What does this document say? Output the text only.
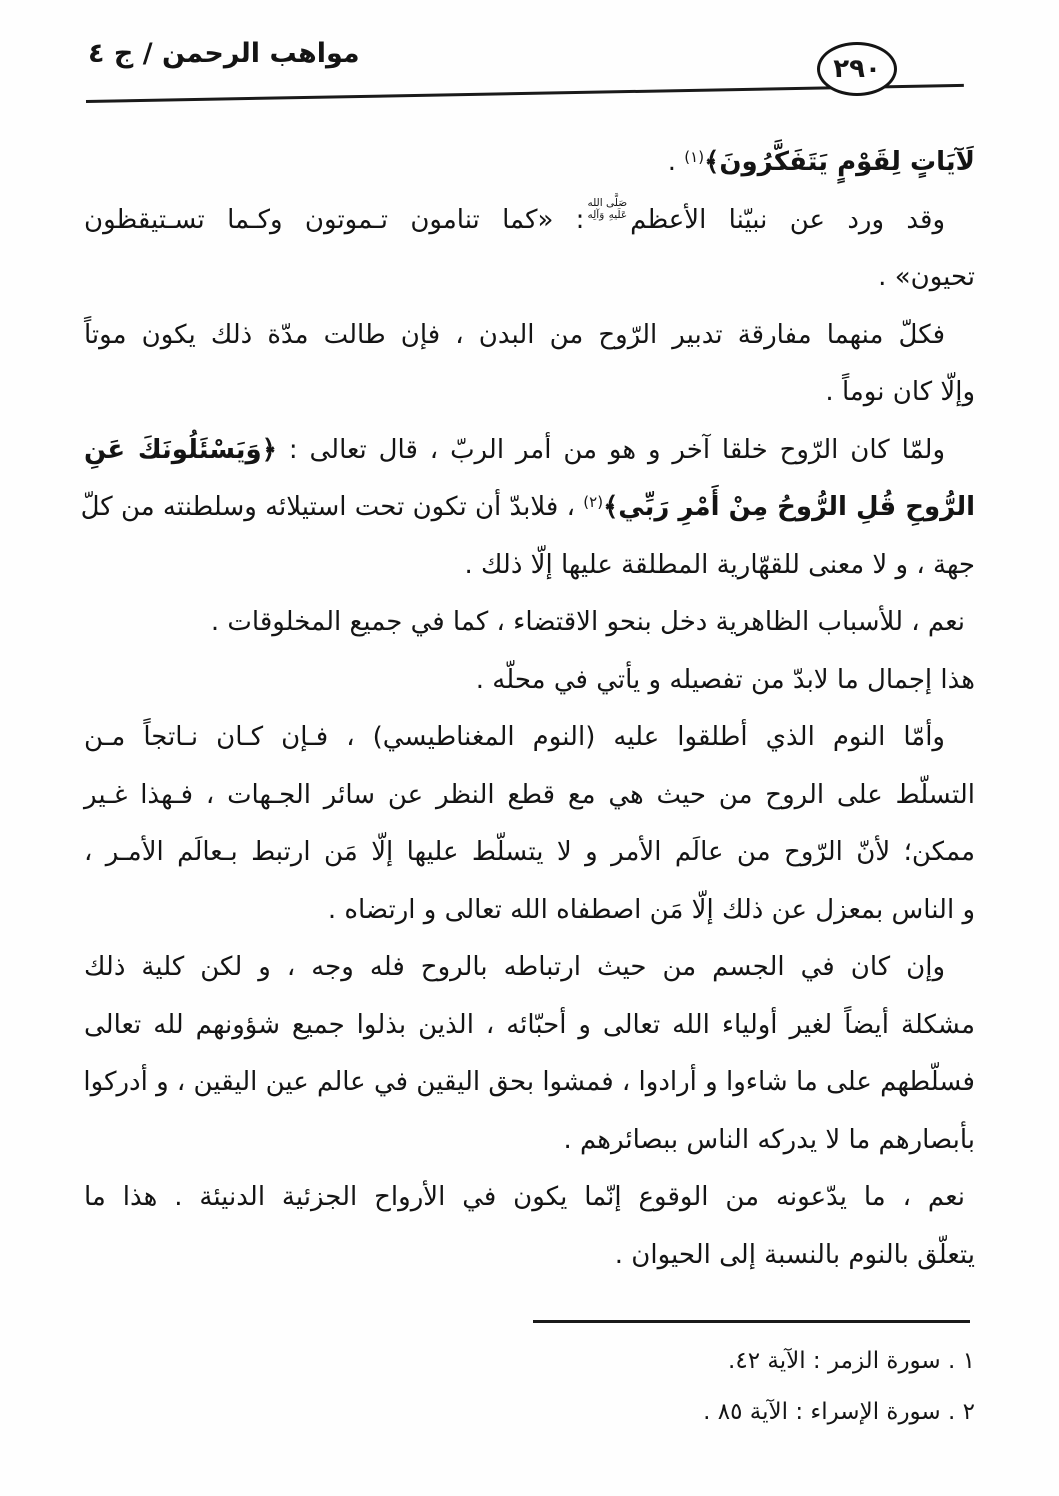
مواهب الرحمن / ج ٤	٢٩٠
لَآيَاتٍ لِقَوْمٍ يَتَفَكَّرُونَ﴾$^{(١)}$ .
وقد ورد عن نبيّنا الأعظم
صَلَّى الله
عَلَيهِ وَآلِه
: «كما تنامون تـموتون وكـما تسـتيقظون
تحيون» .
فكلّ منهما مفارقة تدبير الرّوح من البدن ، فإن طالت مدّة ذلك يكون موتاً
وإلّا كان نوماً .
ولمّا كان الرّوح خلقا آخر و هو من أمر الربّ ، قال تعالى : ﴿وَيَسْئَلُونَكَ عَنِ
الرُّوحِ قُلِ الرُّوحُ مِنْ أَمْرِ رَبِّي﴾$^{(٢)}$ ، فلابدّ أن تكون تحت استيلائه وسلطنته من كلّ
جهة ، و لا معنى للقهّارية المطلقة عليها إلّا ذلك .
نعم ، للأسباب الظاهرية دخل بنحو الاقتضاء ، كما في جميع المخلوقات .
هذا إجمال ما لابدّ من تفصيله و يأتي في محلّه .
وأمّا النوم الذي أطلقوا عليه (النوم المغناطيسي) ، فـإن كـان نـاتجاً مـن
التسلّط على الروح من حيث هي مع قطع النظر عن سائر الجـهات ، فـهذا غـير
ممكن؛ لأنّ الرّوح من عالَم الأمر و لا يتسلّط عليها إلّا مَن ارتبط بـعالَم الأمـر ،
و الناس بمعزل عن ذلك إلّا مَن اصطفاه الله تعالى و ارتضاه .
وإن كان في الجسم من حيث ارتباطه بالروح فله وجه ، و لكن كلية ذلك
مشكلة أيضاً لغير أولياء الله تعالى و أحبّائه ، الذين بذلوا جميع شؤونهم لله تعالى
فسلّطهم على ما شاءوا و أرادوا ، فمشوا بحق اليقين في عالم عين اليقين ، و أدركوا
بأبصارهم ما لا يدركه الناس ببصائرهم .
نعم ، ما يدّعونه من الوقوع إنّما يكون في الأرواح الجزئية الدنيئة . هذا ما
يتعلّق بالنوم بالنسبة إلى الحيوان .
١ . سورة الزمر : الآية ٤٢.
٢ . سورة الإسراء : الآية ٨٥ .
